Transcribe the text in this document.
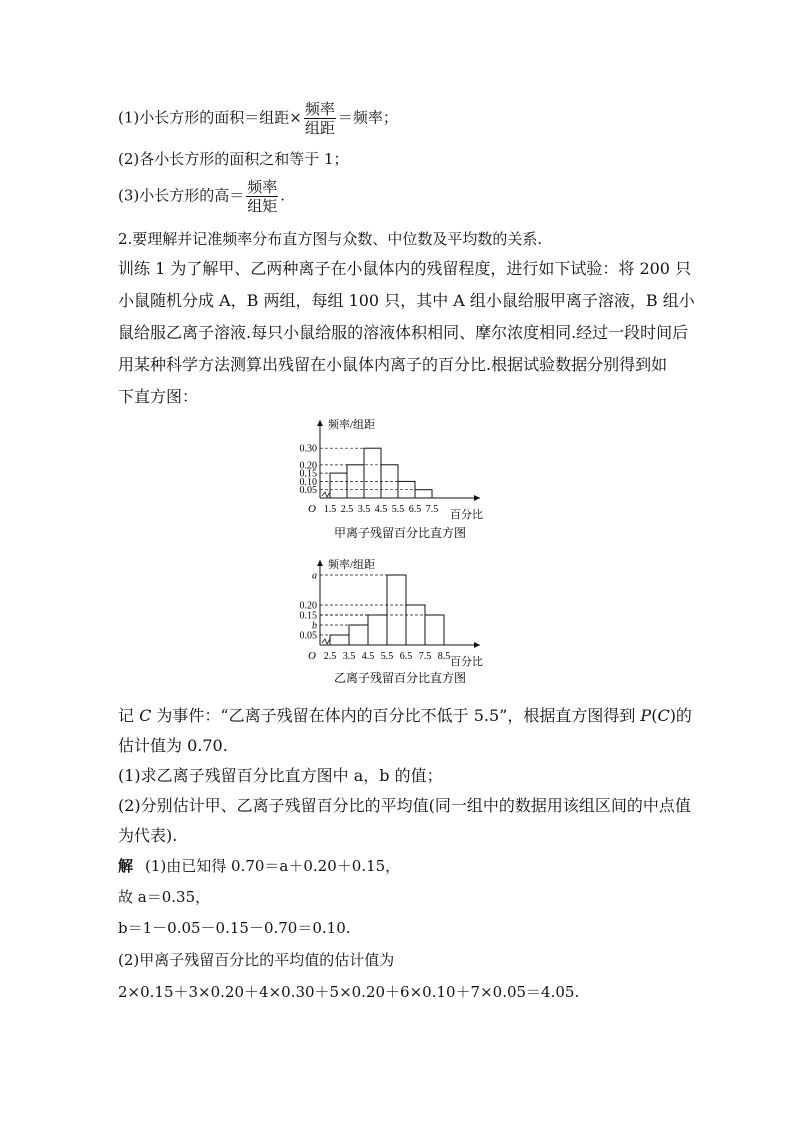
(1)小长方形的面积＝组距× $\frac{\text{频率}}{\text{组距}}$ ＝频率；
(2)各小长方形的面积之和等于 1；
(3)小长方形的高＝ $\frac{\text{频率}}{\text{组矩}}$ .
2.要理解并记准频率分布直方图与众数、中位数及平均数的关系.
训练 1 为了解甲、乙两种离子在小鼠体内的残留程度，进行如下试验：将 200 只
小鼠随机分成 A，B 两组，每组 100 只，其中 A 组小鼠给服甲离子溶液，B 组小
鼠给服乙离子溶液.每只小鼠给服的溶液体积相同、摩尔浓度相同.经过一段时间后
用某种科学方法测算出残留在小鼠体内离子的百分比.根据试验数据分别得到如
下直方图：
频率/组距
百分比
O
0.30
0.20
0.15
0.10
0.05
1.5 2.5 3.5 4.5 5.5 6.5 7.5
甲离子残留百分比直方图
频率/组距
百分比
O
a
0.20
0.15
b
0.05
2.5 3.5 4.5 5.5 6.5 7.5 8.5
乙离子残留百分比直方图
记 C 为事件：“乙离子残留在体内的百分比不低于 5.5”，根据直方图得到 P(C)的
估计值为 0.70.
(1)求乙离子残留百分比直方图中 a，b 的值；
(2)分别估计甲、乙离子残留百分比的平均值(同一组中的数据用该组区间的中点值
为代表).
解 (1)由已知得 0.70＝a＋0.20＋0.15，
故 a＝0.35，
b＝1－0.05－0.15－0.70＝0.10.
(2)甲离子残留百分比的平均值的估计值为
2×0.15＋3×0.20＋4×0.30＋5×0.20＋6×0.10＋7×0.05＝4.05.
